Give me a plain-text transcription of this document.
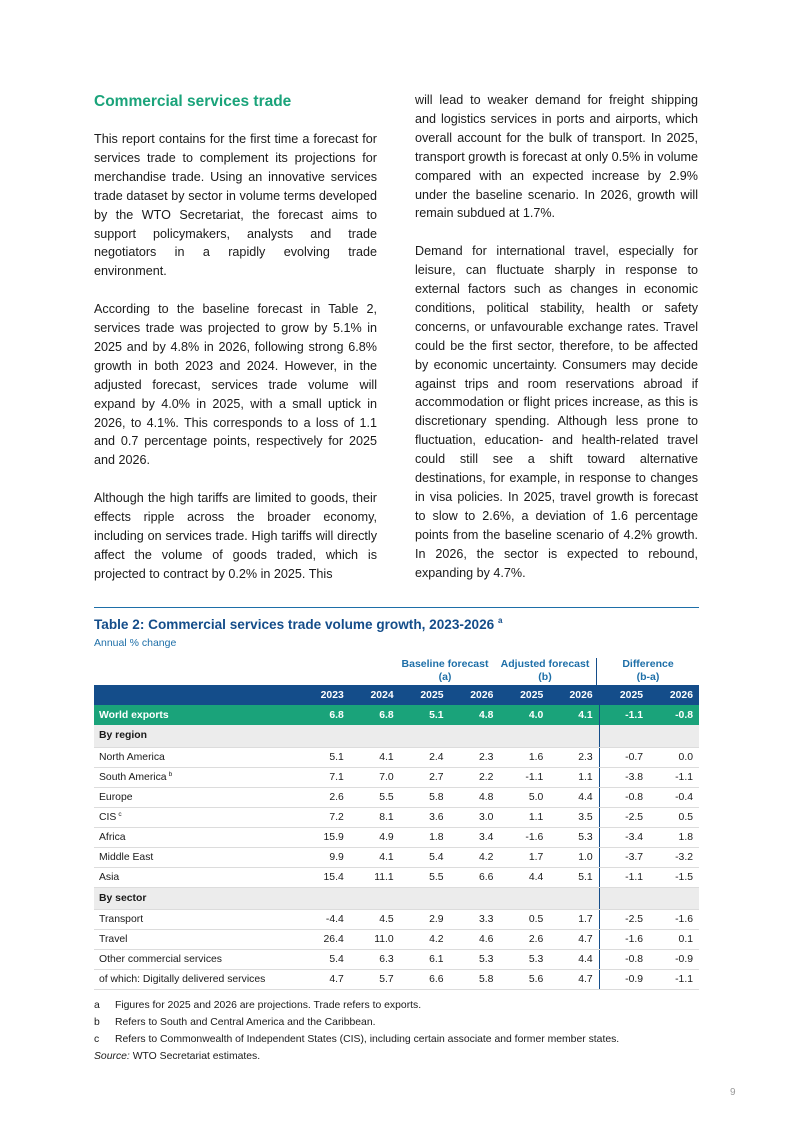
Commercial services trade

This report contains for the first time a forecast for services trade to complement its projections for merchandise trade. Using an innovative services trade dataset by sector in volume terms developed by the WTO Secretariat, the forecast aims to support policymakers, analysts and trade negotiators in a rapidly evolving trade environment.

According to the baseline forecast in Table 2, services trade was projected to grow by 5.1% in 2025 and by 4.8% in 2026, following strong 6.8% growth in both 2023 and 2024. However, in the adjusted forecast, services trade volume will expand by 4.0% in 2025, with a small uptick in 2026, to 4.1%. This corresponds to a loss of 1.1 and 0.7 percentage points, respectively for 2025 and 2026.

Although the high tariffs are limited to goods, their effects ripple across the broader economy, including on services trade. High tariffs will directly affect the volume of goods traded, which is projected to contract by 0.2% in 2025. This

will lead to weaker demand for freight shipping and logistics services in ports and airports, which overall account for the bulk of transport. In 2025, transport growth is forecast at only 0.5% in volume compared with an expected increase by 2.9% under the baseline scenario. In 2026, growth will remain subdued at 1.7%.

Demand for international travel, especially for leisure, can fluctuate sharply in response to external factors such as changes in economic conditions, political stability, health or safety concerns, or unfavourable exchange rates. Travel could be the first sector, therefore, to be affected by economic uncertainty. Consumers may decide against trips and room reservations abroad if accommodation or flight prices increase, as this is discretionary spending. Although less prone to fluctuation, education- and health-related travel could still see a shift toward alternative destinations, for example, in response to changes in visa policies. In 2025, travel growth is forecast to slow to 2.6%, a deviation of 1.6 percentage points from the baseline scenario of 4.2% growth. In 2026, the sector is expected to rebound, expanding by 4.7%.

Table 2: Commercial services trade volume growth, 2023-2026 $^a$
Annual % change
Baseline forecast
(a)
Adjusted forecast
(b)
Difference
(b-a)
	2023	2024	2025	2026	2025	2026	2025	2026
World exports	6.8	6.8	5.1	4.8	4.0	4.1	-1.1	-0.8
By region								
North America	5.1	4.1	2.4	2.3	1.6	2.3	-0.7	0.0
South America $^b$	7.1	7.0	2.7	2.2	-1.1	1.1	-3.8	-1.1
Europe	2.6	5.5	5.8	4.8	5.0	4.4	-0.8	-0.4
CIS $^c$	7.2	8.1	3.6	3.0	1.1	3.5	-2.5	0.5
Africa	15.9	4.9	1.8	3.4	-1.6	5.3	-3.4	1.8
Middle East	9.9	4.1	5.4	4.2	1.7	1.0	-3.7	-3.2
Asia	15.4	11.1	5.5	6.6	4.4	5.1	-1.1	-1.5
By sector								
Transport	-4.4	4.5	2.9	3.3	0.5	1.7	-2.5	-1.6
Travel	26.4	11.0	4.2	4.6	2.6	4.7	-1.6	0.1
Other commercial services	5.4	6.3	6.1	5.3	5.3	4.4	-0.8	-0.9
of which: Digitally delivered services	4.7	5.7	6.6	5.8	5.6	4.7	-0.9	-1.1
a	Figures for 2025 and 2026 are projections. Trade refers to exports.
b	Refers to South and Central America and the Caribbean.
c	Refers to Commonwealth of Independent States (CIS), including certain associate and former member states.
Source: WTO Secretariat estimates.
9
